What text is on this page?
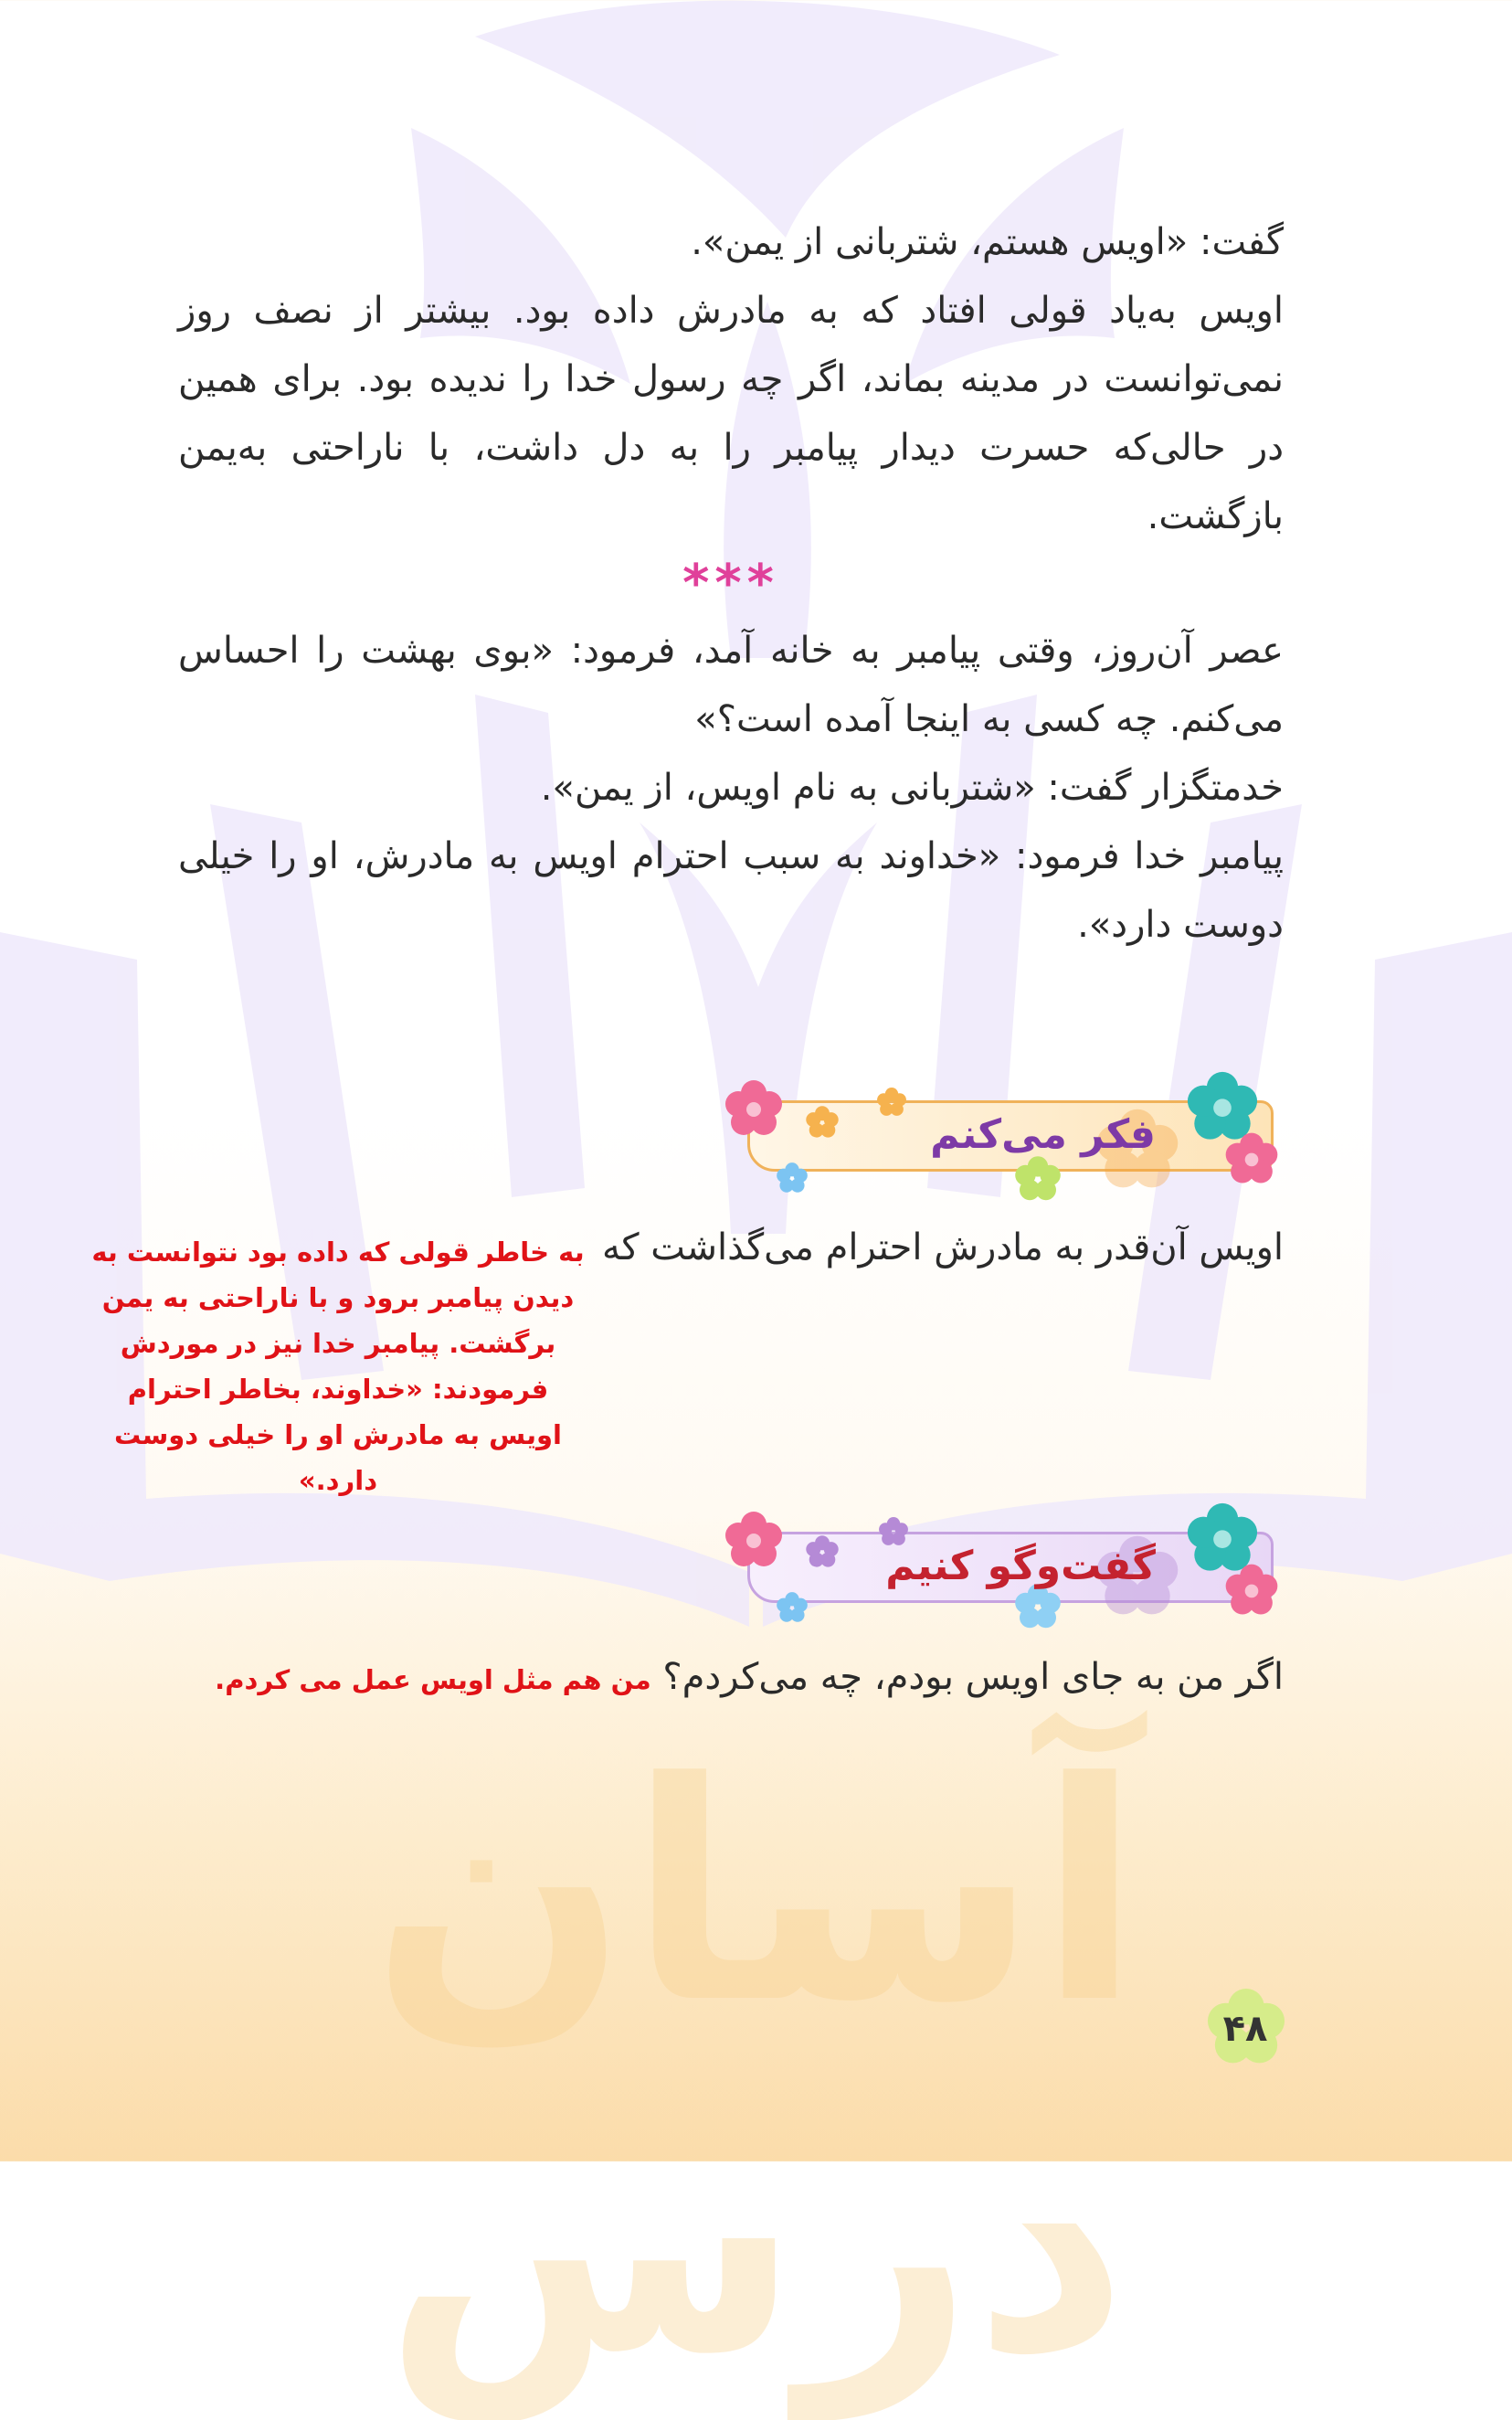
آسان درس

گفت: «اویس هستم، شتربانی از یمن».

اویس به‌یاد قولی افتاد که به مادرش داده بود. بیشتر از نصف روز نمی‌توانست در مدینه بماند، اگر چه رسول خدا را ندیده بود. برای همین در حالی‌که حسرت دیدار پیامبر را به دل داشت، با ناراحتی به‌یمن بازگشت.

***

عصر آن‌روز، وقتی پیامبر به خانه آمد، فرمود: «بوی بهشت را احساس می‌کنم. چه کسی به اینجا آمده است؟»

خدمتگزار گفت: «شتربانی به نام اویس، از یمن».

پیامبر خدا فرمود: «خداوند به سبب احترام اویس به مادرش، او را خیلی دوست دارد».

فکر می‌کنم
اویس آن‌قدر به مادرش احترام می‌گذاشت که
به خاطر قولی که داده بود نتوانست به دیدن پیامبر برود و با ناراحتی به یمن برگشت. پیامبر خدا نیز در موردش فرمودند: «خداوند، بخاطر احترام اویس به مادرش او را خیلی دوست دارد.»
گفت‌وگو کنیم
اگر من به جای اویس بودم، چه می‌کردم؟ من هم مثل اویس عمل می کردم.
۴۸
